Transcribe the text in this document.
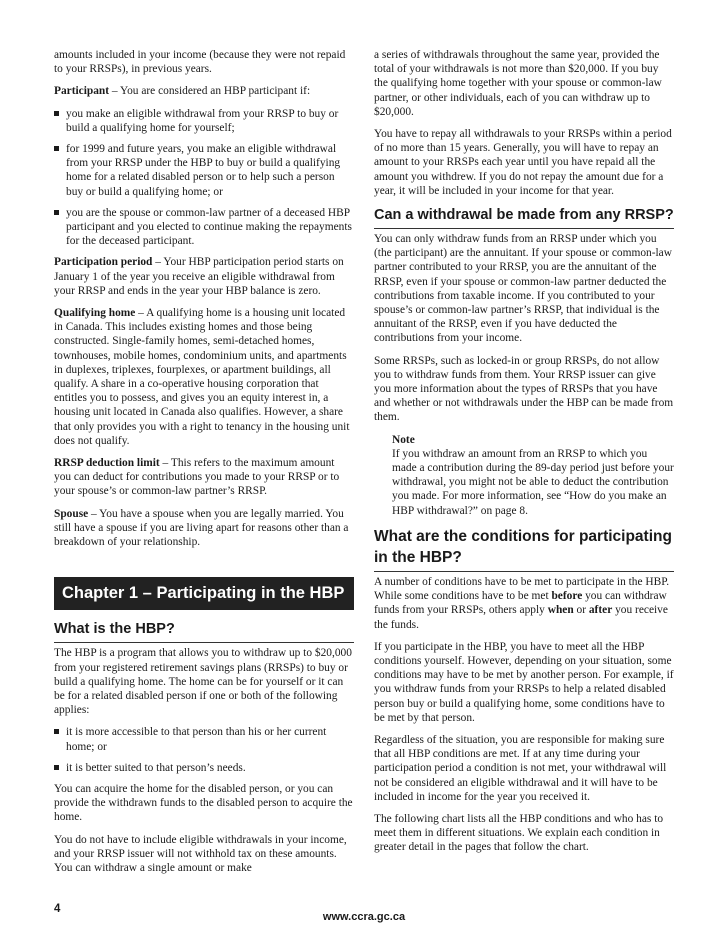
amounts included in your income (because they were not repaid to your RRSPs), in previous years.

Participant – You are considered an HBP participant if:

you make an eligible withdrawal from your RRSP to buy or build a qualifying home for yourself;
for 1999 and future years, you make an eligible withdrawal from your RRSP under the HBP to buy or build a qualifying home for a related disabled person or to help such a person buy or build a qualifying home; or
you are the spouse or common-law partner of a deceased HBP participant and you elected to continue making the repayments for the deceased participant.

Participation period – Your HBP participation period starts on January 1 of the year you receive an eligible withdrawal from your RRSP and ends in the year your HBP balance is zero.

Qualifying home – A qualifying home is a housing unit located in Canada. This includes existing homes and those being constructed. Single-family homes, semi-detached homes, townhouses, mobile homes, condominium units, and apartments in duplexes, triplexes, fourplexes, or apartment buildings, all qualify. A share in a co-operative housing corporation that entitles you to possess, and gives you an equity interest in, a housing unit located in Canada also qualifies. However, a share that only provides you with a right to tenancy in the housing unit does not qualify.

RRSP deduction limit – This refers to the maximum amount you can deduct for contributions you made to your RRSP or to your spouse’s or common-law partner’s RRSP.

Spouse – You have a spouse when you are legally married. You still have a spouse if you are living apart for reasons other than a breakdown of your relationship.

Chapter 1 – Participating in the HBP
What is the HBP?

The HBP is a program that allows you to withdraw up to $20,000 from your registered retirement savings plans (RRSPs) to buy or build a qualifying home. The home can be for yourself or it can be for a related disabled person if one or both of the following applies:

it is more accessible to that person than his or her current home; or
it is better suited to that person’s needs.

You can acquire the home for the disabled person, or you can provide the withdrawn funds to the disabled person to acquire the home.

You do not have to include eligible withdrawals in your income, and your RRSP issuer will not withhold tax on these amounts. You can withdraw a single amount or make

a series of withdrawals throughout the same year, provided the total of your withdrawals is not more than $20,000. If you buy the qualifying home together with your spouse or common-law partner, or other individuals, each of you can withdraw up to $20,000.

You have to repay all withdrawals to your RRSPs within a period of no more than 15 years. Generally, you will have to repay an amount to your RRSPs each year until you have repaid all the amount you withdrew. If you do not repay the amount due for a year, it will be included in your income for that year.

Can a withdrawal be made from any RRSP?

You can only withdraw funds from an RRSP under which you (the participant) are the annuitant. If your spouse or common-law partner contributed to your RRSP, you are the annuitant of the RRSP, even if your spouse or common-law partner deducted the contributions from taxable income. If you contributed to your spouse’s or common-law partner’s RRSP, that individual is the annuitant of the RRSP, even if you have deducted the contributions from your income.

Some RRSPs, such as locked-in or group RRSPs, do not allow you to withdraw funds from them. Your RRSP issuer can give you more information about the types of RRSPs that you have and whether or not withdrawals under the HBP can be made from them.

Note
If you withdraw an amount from an RRSP to which you made a contribution during the 89-day period just before your withdrawal, you might not be able to deduct the contribution you made. For more information, see “How do you make an HBP withdrawal?” on page 8.
What are the conditions for participating in the HBP?

A number of conditions have to be met to participate in the HBP. While some conditions have to be met before you can withdraw funds from your RRSPs, others apply when or after you receive the funds.

If you participate in the HBP, you have to meet all the HBP conditions yourself. However, depending on your situation, some conditions may have to be met by another person. For example, if you withdraw funds from your RRSPs to help a related disabled person buy or build a qualifying home, some conditions have to be met by that person.

Regardless of the situation, you are responsible for making sure that all HBP conditions are met. If at any time during your participation period a condition is not met, your withdrawal will not be considered an eligible withdrawal and it will have to be included in income for the year you received it.

The following chart lists all the HBP conditions and who has to meet them in different situations. We explain each condition in greater detail in the pages that follow the chart.

4
www.ccra.gc.ca
